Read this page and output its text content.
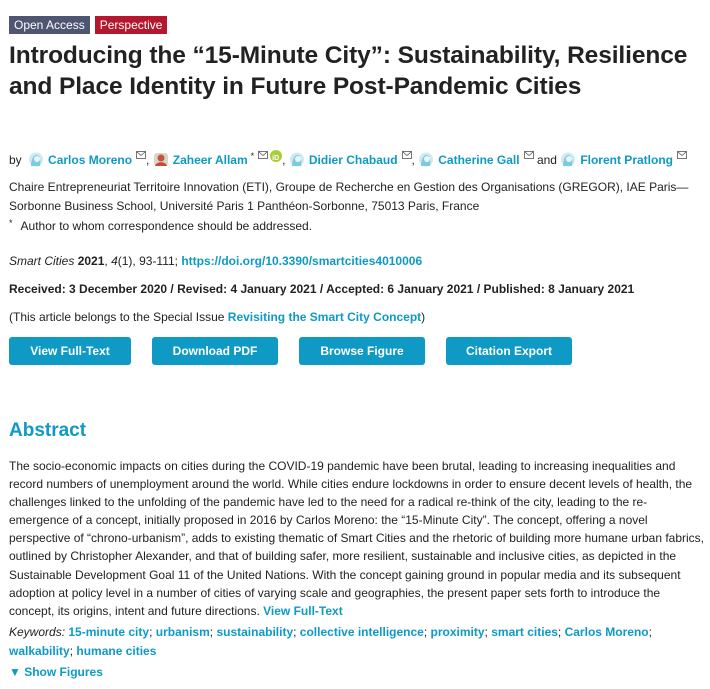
Open Access	Perspective
Introducing the “15-Minute City”: Sustainability, Resilience and Place Identity in Future Post-Pandemic Cities
by Carlos Moreno , Zaheer Allam * iD , Didier Chabaud , Catherine Gall and Florent Pratlong
Chaire Entrepreneuriat Territoire Innovation (ETI), Groupe de Recherche en Gestion des Organisations (GREGOR), IAE Paris—Sorbonne Business School, Université Paris 1 Panthéon-Sorbonne, 75013 Paris, France
* Author to whom correspondence should be addressed.
Smart Cities 2021, 4(1), 93-111; https://doi.org/10.3390/smartcities4010006
Received: 3 December 2020 / Revised: 4 January 2021 / Accepted: 6 January 2021 / Published: 8 January 2021
(This article belongs to the Special Issue Revisiting the Smart City Concept)
View Full-Text	Download PDF	Browse Figure	Citation Export
Abstract
The socio-economic impacts on cities during the COVID-19 pandemic have been brutal, leading to increasing inequalities and record numbers of unemployment around the world. While cities endure lockdowns in order to ensure decent levels of health, the challenges linked to the unfolding of the pandemic have led to the need for a radical re-think of the city, leading to the re-emergence of a concept, initially proposed in 2016 by Carlos Moreno: the “15-Minute City”. The concept, offering a novel perspective of “chrono-urbanism”, adds to existing thematic of Smart Cities and the rhetoric of building more humane urban fabrics, outlined by Christopher Alexander, and that of building safer, more resilient, sustainable and inclusive cities, as depicted in the Sustainable Development Goal 11 of the United Nations. With the concept gaining ground in popular media and its subsequent adoption at policy level in a number of cities of varying scale and geographies, the present paper sets forth to introduce the concept, its origins, intent and future directions. View Full-Text
Keywords: 15-minute city; urbanism; sustainability; collective intelligence; proximity; smart cities; Carlos Moreno; walkability; humane cities
▼ Show Figures
